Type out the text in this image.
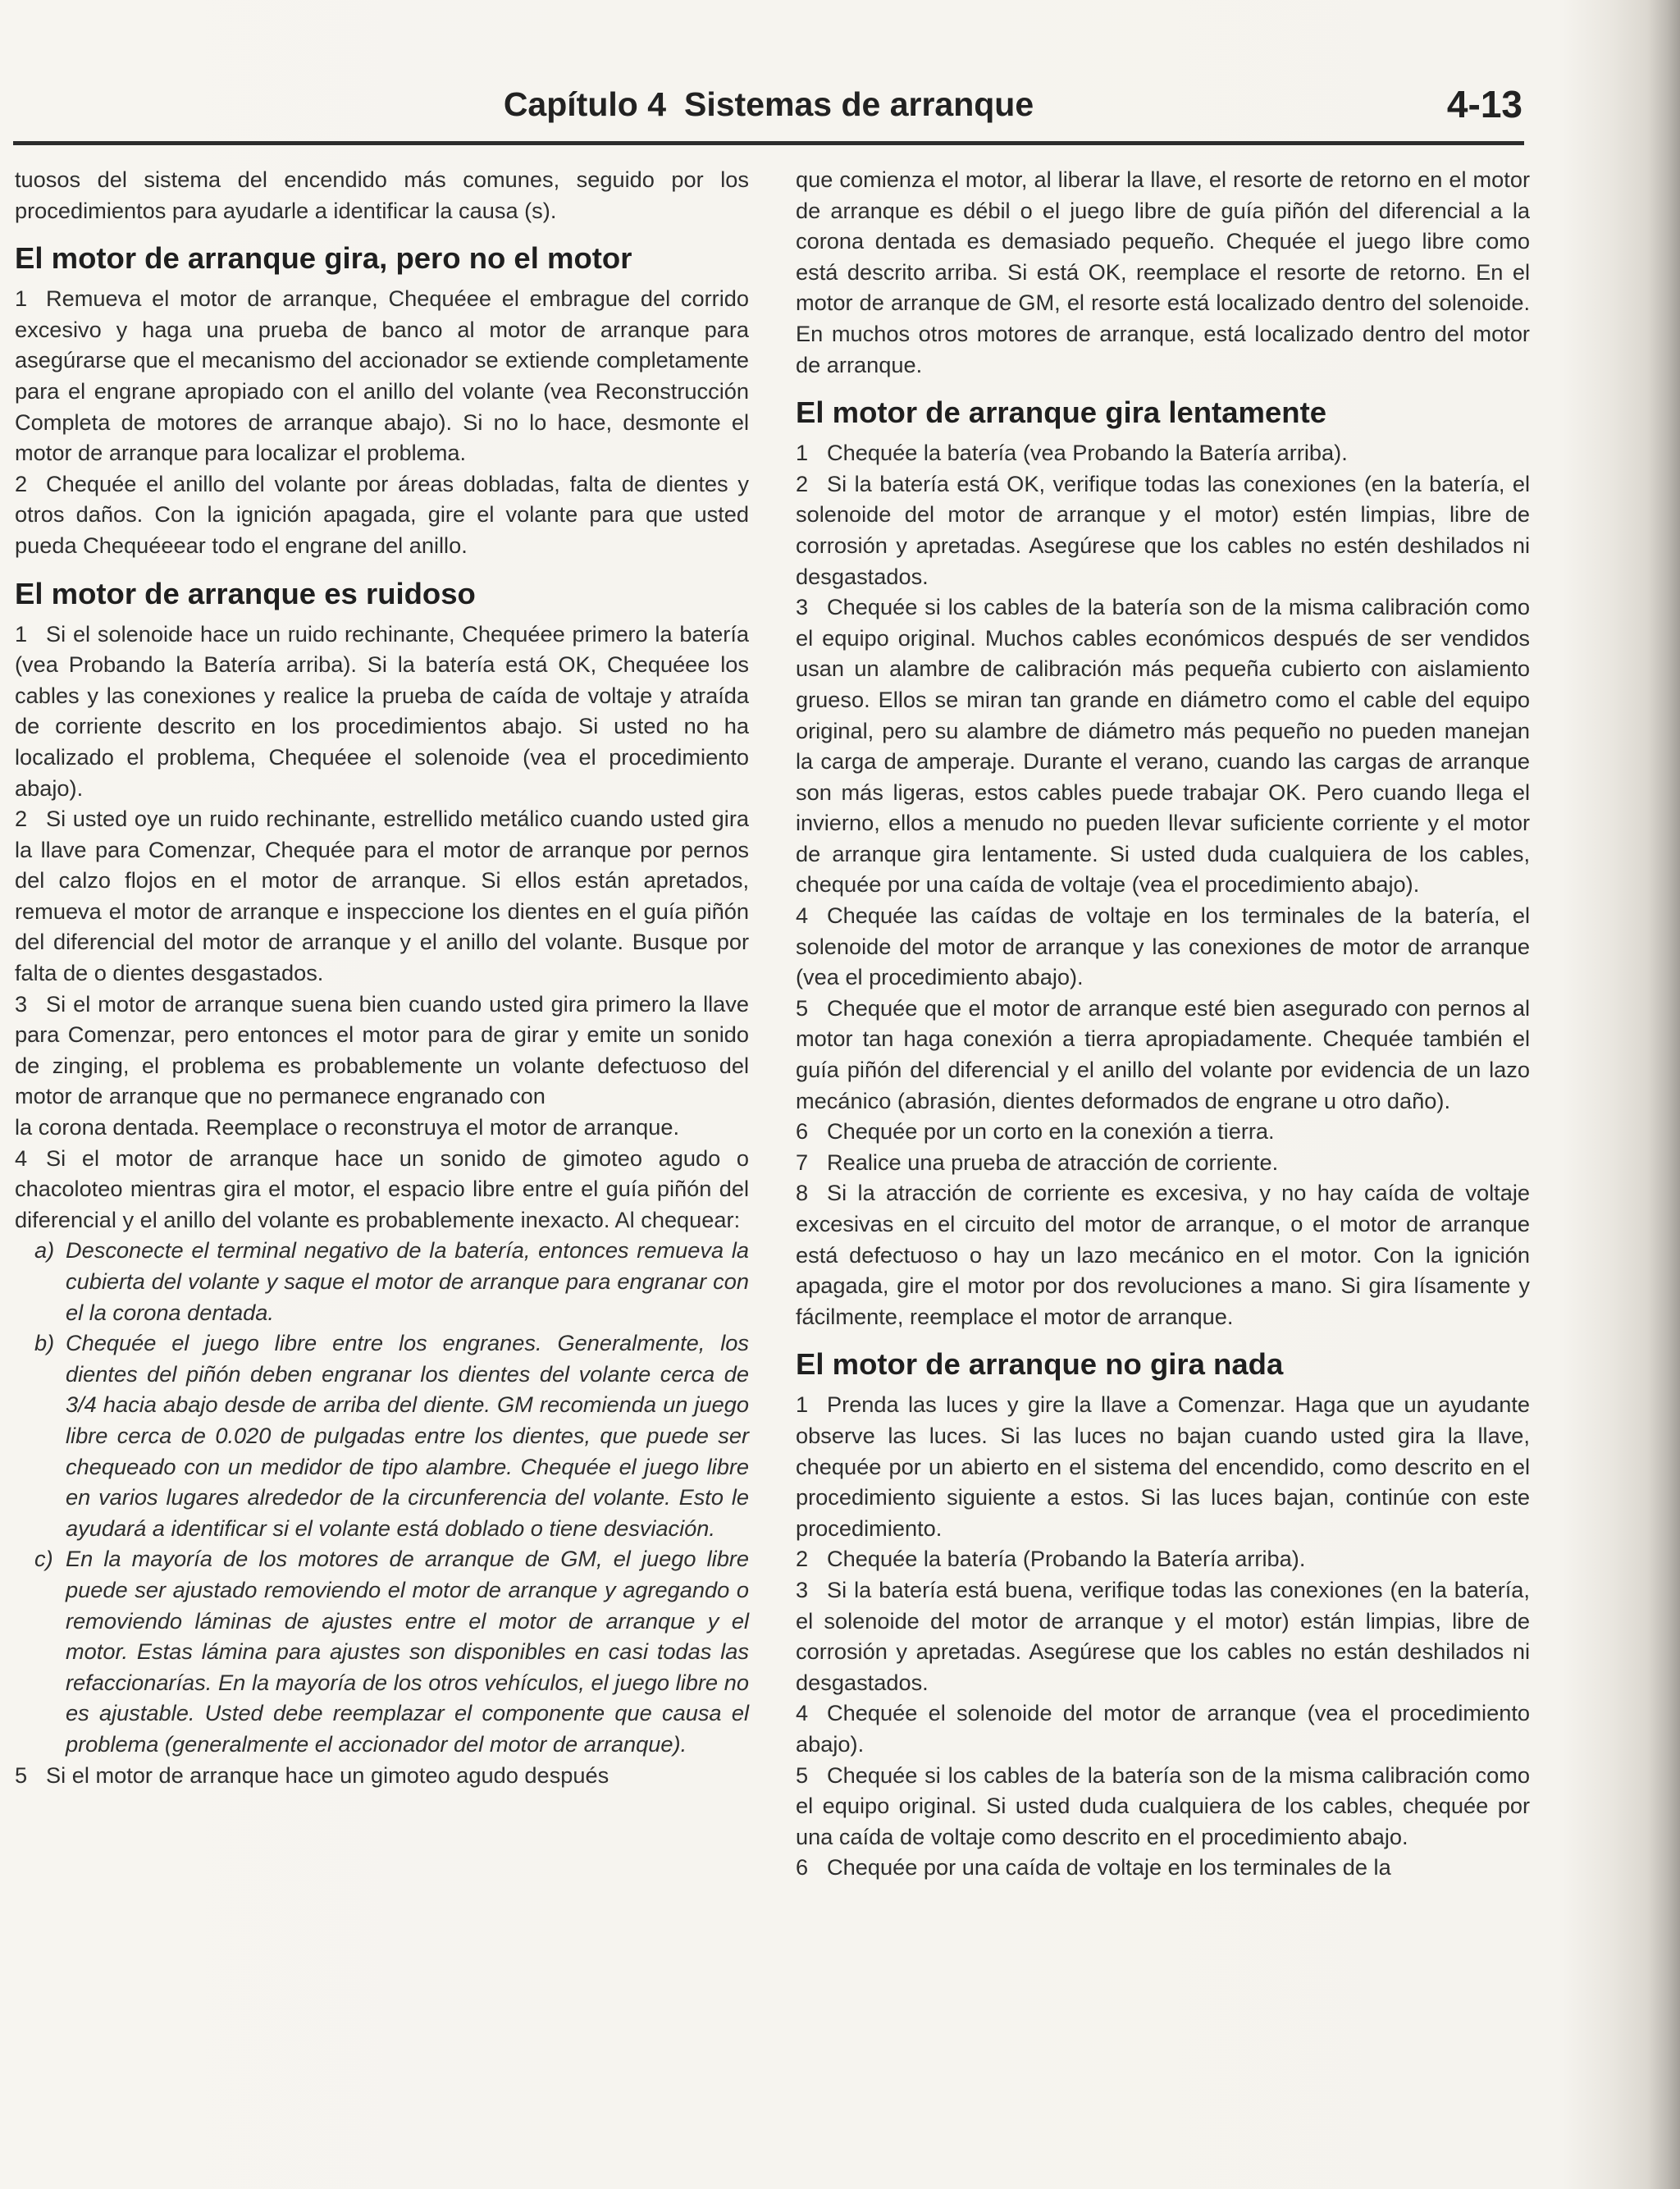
Capítulo 4 Sistemas de arranque	4-13

tuosos del sistema del encendido más comunes, seguido por los procedimientos para ayudarle a identificar la causa (s).

El motor de arranque gira, pero no el motor

1 Remueva el motor de arranque, Chequéee el embrague del corrido excesivo y haga una prueba de banco al motor de arranque para asegúrarse que el mecanismo del accionador se extiende completamente para el engrane apropiado con el anillo del volante (vea Reconstrucción Completa de motores de arranque abajo). Si no lo hace, desmonte el motor de arranque para localizar el problema.

2 Chequée el anillo del volante por áreas dobladas, falta de dientes y otros daños. Con la ignición apagada, gire el volante para que usted pueda Chequéeear todo el engrane del anillo.

El motor de arranque es ruidoso

1 Si el solenoide hace un ruido rechinante, Chequéee primero la batería (vea Probando la Batería arriba). Si la batería está OK, Chequéee los cables y las conexiones y realice la prueba de caída de voltaje y atraída de corriente descrito en los procedimientos abajo. Si usted no ha localizado el problema, Chequéee el solenoide (vea el procedimiento abajo).

2 Si usted oye un ruido rechinante, estrellido metálico cuando usted gira la llave para Comenzar, Chequée para el motor de arranque por pernos del calzo flojos en el motor de arranque. Si ellos están apretados, remueva el motor de arranque e inspeccione los dientes en el guía piñón del diferencial del motor de arranque y el anillo del volante. Busque por falta de o dientes desgastados.

3 Si el motor de arranque suena bien cuando usted gira primero la llave para Comenzar, pero entonces el motor para de girar y emite un sonido de zinging, el problema es probablemente un volante defectuoso del motor de arranque que no permanece engranado con

la corona dentada. Reemplace o reconstruya el motor de arranque.

4 Si el motor de arranque hace un sonido de gimoteo agudo o chacoloteo mientras gira el motor, el espacio libre entre el guía piñón del diferencial y el anillo del volante es probablemente inexacto. Al chequear:

a) Desconecte el terminal negativo de la batería, entonces remueva la cubierta del volante y saque el motor de arranque para engranar con el la corona dentada.
b) Chequée el juego libre entre los engranes. Generalmente, los dientes del piñón deben engranar los dientes del volante cerca de 3/4 hacia abajo desde de arriba del diente. GM recomienda un juego libre cerca de 0.020 de pulgadas entre los dientes, que puede ser chequeado con un medidor de tipo alambre. Chequée el juego libre en varios lugares alrededor de la circunferencia del volante. Esto le ayudará a identificar si el volante está doblado o tiene desviación.
c) En la mayoría de los motores de arranque de GM, el juego libre puede ser ajustado removiendo el motor de arranque y agregando o removiendo láminas de ajustes entre el motor de arranque y el motor. Estas lámina para ajustes son disponibles en casi todas las refaccionarías. En la mayoría de los otros vehículos, el juego libre no es ajustable. Usted debe reemplazar el componente que causa el problema (generalmente el accionador del motor de arranque).

5 Si el motor de arranque hace un gimoteo agudo después

que comienza el motor, al liberar la llave, el resorte de retorno en el motor de arranque es débil o el juego libre de guía piñón del diferencial a la corona dentada es demasiado pequeño. Chequée el juego libre como está descrito arriba. Si está OK, reemplace el resorte de retorno. En el motor de arranque de GM, el resorte está localizado dentro del solenoide. En muchos otros motores de arranque, está localizado dentro del motor de arranque.

El motor de arranque gira lentamente

1 Chequée la batería (vea Probando la Batería arriba).

2 Si la batería está OK, verifique todas las conexiones (en la batería, el solenoide del motor de arranque y el motor) estén limpias, libre de corrosión y apretadas. Asegúrese que los cables no estén deshilados ni desgastados.

3 Chequée si los cables de la batería son de la misma calibración como el equipo original. Muchos cables económicos después de ser vendidos usan un alambre de calibración más pequeña cubierto con aislamiento grueso. Ellos se miran tan grande en diámetro como el cable del equipo original, pero su alambre de diámetro más pequeño no pueden manejan la carga de amperaje. Durante el verano, cuando las cargas de arranque son más ligeras, estos cables puede trabajar OK. Pero cuando llega el invierno, ellos a menudo no pueden llevar suficiente corriente y el motor de arranque gira lentamente. Si usted duda cualquiera de los cables, chequée por una caída de voltaje (vea el procedimiento abajo).

4 Chequée las caídas de voltaje en los terminales de la batería, el solenoide del motor de arranque y las conexiones de motor de arranque (vea el procedimiento abajo).

5 Chequée que el motor de arranque esté bien asegurado con pernos al motor tan haga conexión a tierra apropiadamente. Chequée también el guía piñón del diferencial y el anillo del volante por evidencia de un lazo mecánico (abrasión, dientes deformados de engrane u otro daño).

6 Chequée por un corto en la conexión a tierra.

7 Realice una prueba de atracción de corriente.

8 Si la atracción de corriente es excesiva, y no hay caída de voltaje excesivas en el circuito del motor de arranque, o el motor de arranque está defectuoso o hay un lazo mecánico en el motor. Con la ignición apagada, gire el motor por dos revoluciones a mano. Si gira lísamente y fácilmente, reemplace el motor de arranque.

El motor de arranque no gira nada

1 Prenda las luces y gire la llave a Comenzar. Haga que un ayudante observe las luces. Si las luces no bajan cuando usted gira la llave, chequée por un abierto en el sistema del encendido, como descrito en el procedimiento siguiente a estos. Si las luces bajan, continúe con este procedimiento.

2 Chequée la batería (Probando la Batería arriba).

3 Si la batería está buena, verifique todas las conexiones (en la batería, el solenoide del motor de arranque y el motor) están limpias, libre de corrosión y apretadas. Asegúrese que los cables no están deshilados ni desgastados.

4 Chequée el solenoide del motor de arranque (vea el procedimiento abajo).

5 Chequée si los cables de la batería son de la misma calibración como el equipo original. Si usted duda cualquiera de los cables, chequée por una caída de voltaje como descrito en el procedimiento abajo.

6 Chequée por una caída de voltaje en los terminales de la
